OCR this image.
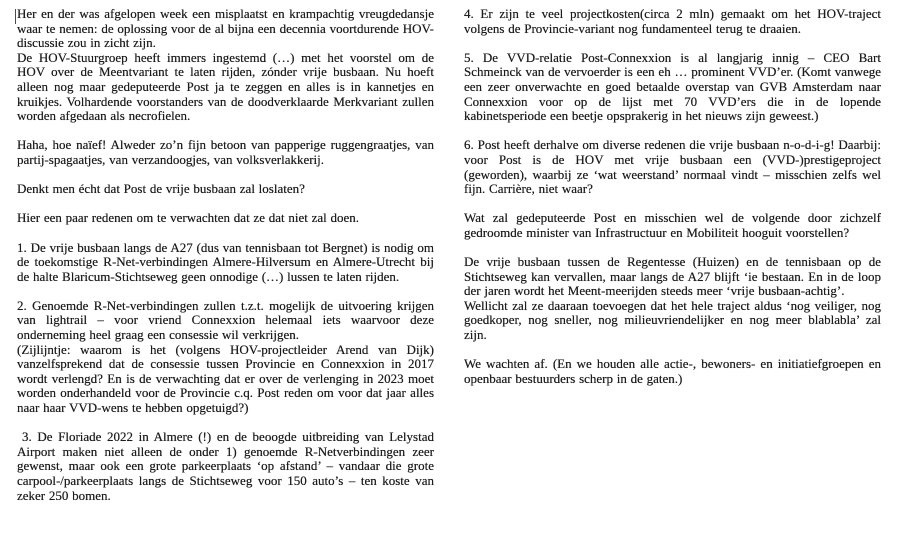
Her en der was afgelopen week een misplaatst en krampachtig vreugdedansje waar te nemen: de oplossing voor de al bijna een decennia voortdurende HOV-discussie zou in zicht zijn.

De HOV-Stuurgroep heeft immers ingestemd (…) met het voorstel om de HOV over de Meentvariant te laten rijden, zónder vrije busbaan. Nu hoeft alleen nog maar gedeputeerde Post ja te zeggen en alles is in kannetjes en kruikjes. Volhardende voorstanders van de doodverklaarde Merkvariant zullen worden afgedaan als necrofielen.

Haha, hoe naïef! Alweder zo’n fijn betoon van papperige ruggengraatjes, van partij-spagaatjes, van verzandoogjes, van volksverlakkerij.

Denkt men écht dat Post de vrije busbaan zal loslaten?

Hier een paar redenen om te verwachten dat ze dat niet zal doen.

1. De vrije busbaan langs de A27 (dus van tennisbaan tot Bergnet) is nodig om de toekomstige R-Net-verbindingen Almere-Hilversum en Almere-Utrecht bij de halte Blaricum-Stichtseweg geen onnodige (…) lussen te laten rijden.

2. Genoemde R-Net-verbindingen zullen t.z.t. mogelijk de uitvoering krijgen van lightrail – voor vriend Connexxion helemaal iets waarvoor deze onderneming heel graag een consessie wil verkrijgen.

(Zijlijntje: waarom is het (volgens HOV-projectleider Arend van Dijk) vanzelfsprekend dat de consessie tussen Provincie en Connexxion in 2017 wordt verlengd? En is de verwachting dat er over de verlenging in 2023 moet worden onderhandeld voor de Provincie c.q. Post reden om voor dat jaar alles naar haar VVD-wens te hebben opgetuigd?)

3. De Floriade 2022 in Almere (!) en de beoogde uitbreiding van Lelystad Airport maken niet alleen de onder 1) genoemde R-Netverbindingen zeer gewenst, maar ook een grote parkeerplaats ‘op afstand’ – vandaar die grote carpool-/parkeerplaats langs de Stichtseweg voor 150 auto’s – ten koste van zeker 250 bomen.

4. Er zijn te veel projectkosten(circa 2 mln) gemaakt om het HOV-traject volgens de Provincie-variant nog fundamenteel terug te draaien.

5. De VVD-relatie Post-Connexxion is al langjarig innig – CEO Bart Schmeinck van de vervoerder is een eh … prominent VVD’er. (Komt vanwege een zeer onverwachte en goed betaalde overstap van GVB Amsterdam naar Connexxion voor op de lijst met 70 VVD’ers die in de lopende kabinetsperiode een beetje opsprakerig in het nieuws zijn geweest.)

6. Post heeft derhalve om diverse redenen die vrije busbaan n-o-d-i-g! Daarbij: voor Post is de HOV met vrije busbaan een (VVD-)prestigeproject (geworden), waarbij ze ‘wat weerstand’ normaal vindt – misschien zelfs wel fijn. Carrière, niet waar?

Wat zal gedeputeerde Post en misschien wel de volgende door zichzelf gedroomde minister van Infrastructuur en Mobiliteit hooguit voorstellen?

De vrije busbaan tussen de Regentesse (Huizen) en de tennisbaan op de Stichtseweg kan vervallen, maar langs de A27 blijft ‘ie bestaan. En in de loop der jaren wordt het Meent-meerijden steeds meer ‘vrije busbaan-achtig’.

Wellicht zal ze daaraan toevoegen dat het hele traject aldus ‘nog veiliger, nog goedkoper, nog sneller, nog milieuvriendelijker en nog meer blablabla’ zal zijn.

We wachten af. (En we houden alle actie-, bewoners- en initiatiefgroepen en openbaar bestuurders scherp in de gaten.)
